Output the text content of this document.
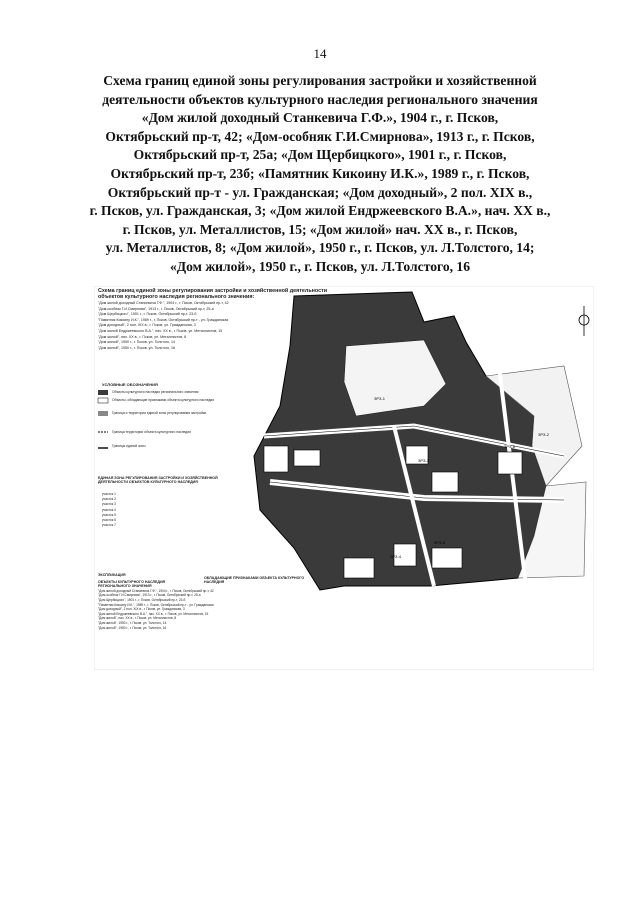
14
Схема границ единой зоны регулирования застройки и хозяйственной
деятельности объектов культурного наследия регионального значения
«Дом жилой доходный Станкевича Г.Ф.», 1904 г., г. Псков,
Октябрьский пр-т, 42; «Дом-особняк Г.И.Смирнова», 1913 г., г. Псков,
Октябрьский пр-т, 25а; «Дом Щербицкого», 1901 г., г. Псков,
Октябрьский пр-т, 23б; «Памятник Кикоину И.К.», 1989 г., г. Псков,
Октябрьский пр-т - ул. Гражданская; «Дом доходный», 2 пол. XIX в.,
г. Псков, ул. Гражданская, 3; «Дом жилой Ендржеевского В.А.», нач. XX в.,
г. Псков, ул. Металлистов, 15; «Дом жилой» нач. XX в., г. Псков,
ул. Металлистов, 8; «Дом жилой», 1950 г., г. Псков, ул. Л.Толстого, 14;
«Дом жилой», 1950 г., г. Псков, ул. Л.Толстого, 16
ЗРЗ-1
ЗРЗ-2
ЗРЗ-3
ЗРЗ-4
ЗРЗ-5
ЗРЗ-6
Схема границ единой зоны регулирования застройки и хозяйственной деятельности объектов культурного наследия регионального значения:
"Дом жилой доходный Станкевича Г.Ф.", 1904 г., г. Псков, Октябрьский пр-т, 42
"Дом-особняк Г.И.Смирнова", 1913 г., г. Псков, Октябрьский пр-т, 25-а
"Дом Щербицкого", 1901 г., г. Псков, Октябрьский пр-т, 23-б
"Памятник Кикоину И.К.", 1989 г., г. Псков, Октябрьский пр-т - ул. Гражданская
"Дом доходный", 2 пол. XIX в., г. Псков, ул. Гражданская, 3
"Дом жилой Ендржеевского В.А.", нач. XX в., г. Псков, ул. Металлистов, 15
"Дом жилой", нач. XX в., г. Псков, ул. Металлистов, 8
"Дом жилой", 1950 г., г. Псков, ул. Толстого, 14
"Дом жилой", 1950 г., г. Псков, ул. Толстого, 16
УСЛОВНЫЕ ОБОЗНАЧЕНИЯ
Объекты культурного наследия регионального значения
Объекты, обладающие признаками объекта культурного наследия
Граница и территория единой зоны регулирования застройки
Граница территории объекта культурного наследия
Границы единой зоны
ЕДИНАЯ ЗОНА РЕГУЛИРОВАНИЯ ЗАСТРОЙКИ И ХОЗЯЙСТВЕННОЙ ДЕЯТЕЛЬНОСТИ ОБЪЕКТОВ КУЛЬТУРНОГО НАСЛЕДИЯ
участок 1
участок 2
участок 3
участок 4
участок 5
участок 6
участок 7
ЭКСПЛИКАЦИЯ
ОБЪЕКТЫ КУЛЬТУРНОГО НАСЛЕДИЯ РЕГИОНАЛЬНОГО ЗНАЧЕНИЯ
"Дом жилой доходный Станкевича Г.Ф.", 1904 г., г. Псков, Октябрьский пр-т, 42
"Дом-особняк Г.И.Смирнова", 1913 г., г. Псков, Октябрьский пр-т, 25-а
"Дом Щербицкого", 1901 г., г. Псков, Октябрьский пр-т, 23-б
"Памятник Кикоину И.К.", 1989 г., г. Псков, Октябрьский пр-т - ул. Гражданская
"Дом доходный", 2 пол. XIX в., г. Псков, ул. Гражданская, 3
"Дом жилой Ендржеевского В.А.", нач. XX в., г. Псков, ул. Металлистов, 15
"Дом жилой", нач. XX в., г. Псков, ул. Металлистов, 8
"Дом жилой", 1950 г., г. Псков, ул. Толстого, 14
"Дом жилой", 1950 г., г. Псков, ул. Толстого, 16
ОБЛАДАЮЩИЕ ПРИЗНАКАМИ ОБЪЕКТА КУЛЬТУРНОГО НАСЛЕДИЯ
